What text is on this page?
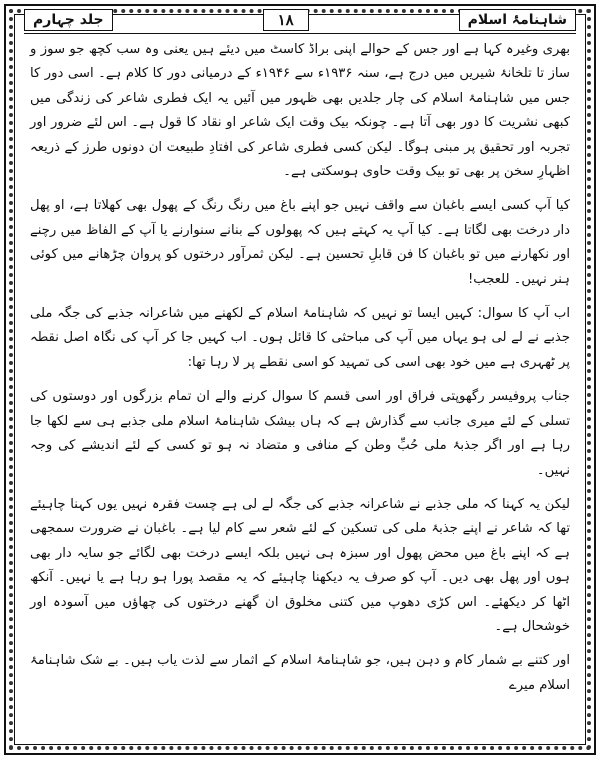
شاہنامۂ اسلام
۱۸
جلد چہارم

بھری وغیرہ کہا ہے اور جس کے حوالے اپنی براڈ کاسٹ میں دیئے ہیں یعنی وہ سب کچھ جو سوز و ساز تا تلخانۂ شیریں میں درج ہے، سنہ ۱۹۳۶ء سے ۱۹۴۶ء کے درمیانی دور کا کلام ہے۔ اسی دور کا جس میں شاہنامۂ اسلام کی چار جلدیں بھی ظہور میں آئیں یہ ایک فطری شاعر کی زندگی میں کبھی نشریت کا دور بھی آتا ہے۔ چونکہ بیک وقت ایک شاعر او نقاد کا قول ہے۔ اس لئے ضرور اور تجربہ اور تحقیق پر مبنی ہوگا۔ لیکن کسی فطری شاعر کی افتادِ طبیعت ان دونوں طرز کے ذریعہ اظہارِ سخن پر بھی تو بیک وقت حاوی ہوسکتی ہے۔

کیا آپ کسی ایسے باغبان سے واقف نہیں جو اپنے باغ میں رنگ رنگ کے پھول بھی کھلاتا ہے، او پھل دار درخت بھی لگاتا ہے۔ کیا آپ یہ کہتے ہیں کہ پھولوں کے بنانے سنوارنے یا آپ کے الفاظ میں رچنے اور نکھارنے میں تو باغبان کا فن قابلِ تحسین ہے۔ لیکن ثمرآور درختوں کو پروان چڑھانے میں کوئی ہنر نہیں۔ للعجب!

اب آپ کا سوال: کہیں ایسا تو نہیں کہ شاہنامۂ اسلام کے لکھنے میں شاعرانہ جذبے کی جگہ ملی جذبے نے لے لی ہو یہاں میں آپ کی مباحثی کا قائل ہوں۔ اب کہیں جا کر آپ کی نگاہ اصل نقطہ پر ٹھہری ہے میں خود بھی اسی کی تمہید کو اسی نقطے پر لا رہا تھا:

جناب پروفیسر رگھوپتی فراق اور اسی قسم کا سوال کرنے والے ان تمام بزرگوں اور دوستوں کی تسلی کے لئے میری جانب سے گذارش ہے کہ ہاں بیشک شاہنامۂ اسلام ملی جذبے ہی سے لکھا جا رہا ہے اور اگر جذبۂ ملی حُبِّ وطن کے منافی و متضاد نہ ہو تو کسی کے لئے اندیشے کی وجہ نہیں۔

لیکن یہ کہنا کہ ملی جذبے نے شاعرانہ جذبے کی جگہ لے لی ہے چست فقرہ نہیں یوں کہنا چاہیئے تھا کہ شاعر نے اپنے جذبۂ ملی کی تسکین کے لئے شعر سے کام لیا ہے۔ باغبان نے ضرورت سمجھی ہے کہ اپنے باغ میں محض پھول اور سبزہ ہی نہیں بلکہ ایسے درخت بھی لگائے جو سایہ دار بھی ہوں اور پھل بھی دیں۔ آپ کو صرف یہ دیکھنا چاہیئے کہ یہ مقصد پورا ہو رہا ہے یا نہیں۔ آنکھ اٹھا کر دیکھئے۔ اس کڑی دھوپ میں کتنی مخلوق ان گھنے درختوں کی چھاؤں میں آسودہ اور خوشحال ہے۔

اور کتنے بے شمار کام و دہن ہیں، جو شاہنامۂ اسلام کے اثمار سے لذت یاب ہیں۔ بے شک شاہنامۂ اسلام میرے
